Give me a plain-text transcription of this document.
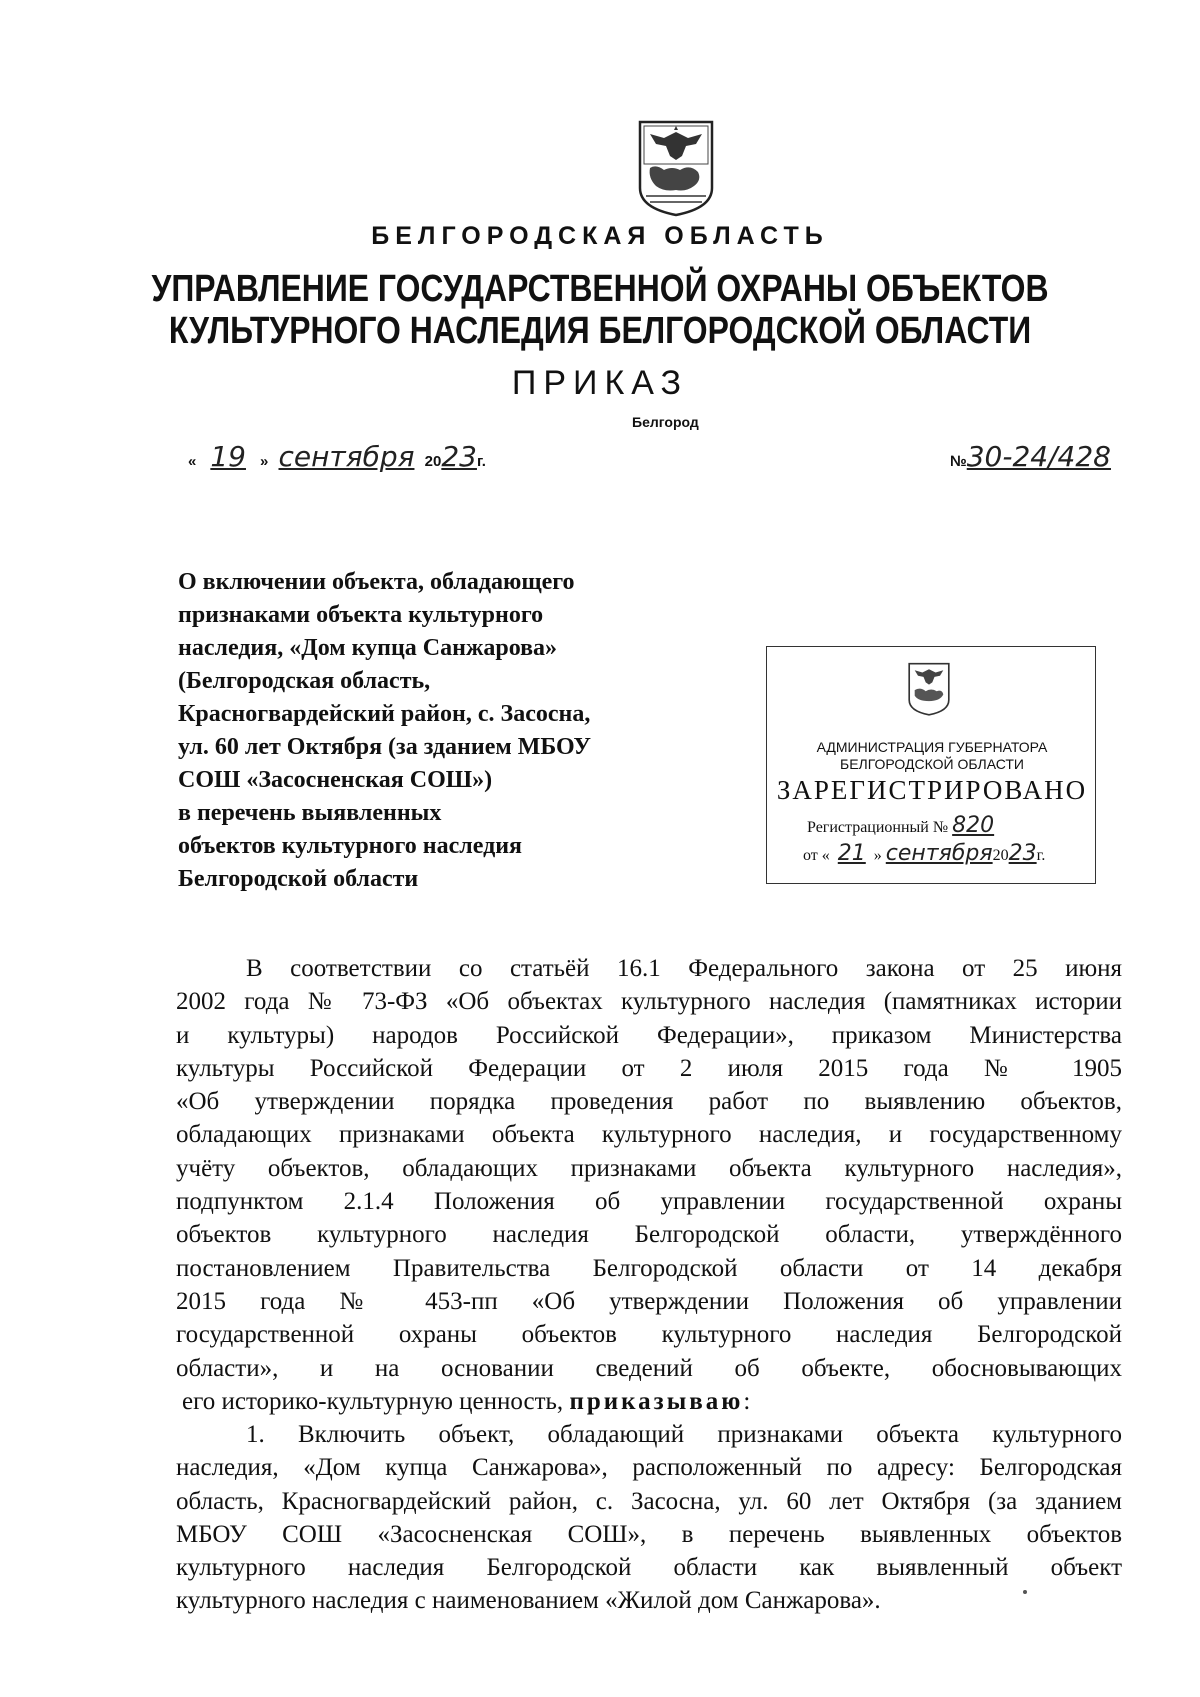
БЕЛГОРОДСКАЯ ОБЛАСТЬ
УПРАВЛЕНИЕ ГОСУДАРСТВЕННОЙ ОХРАНЫ ОБЪЕКТОВ
КУЛЬТУРНОГО НАСЛЕДИЯ БЕЛГОРОДСКОЙ ОБЛАСТИ
ПРИКАЗ
Белгород
« 19 » сентября 2023г.	№30-24/428
О включении объекта, обладающего
признаками объекта культурного
наследия, «Дом купца Санжарова»
(Белгородская область,
Красногвардейский район, с. Засосна,
ул. 60 лет Октября (за зданием МБОУ
СОШ «Засосненская СОШ»)
в перечень выявленных
объектов культурного наследия
Белгородской области
АДМИНИСТРАЦИЯ ГУБЕРНАТОРА
БЕЛГОРОДСКОЙ ОБЛАСТИ
ЗАРЕГИСТРИРОВАНО
Регистрационный № 820
от « 21 » сентября2023г.
В соответствии со статьёй 16.1 Федерального закона от 25 июня
2002 года № 73-ФЗ «Об объектах культурного наследия (памятниках истории
и культуры) народов Российской Федерации», приказом Министерства
культуры Российской Федерации от 2 июля 2015 года № 1905
«Об утверждении порядка проведения работ по выявлению объектов,
обладающих признаками объекта культурного наследия, и государственному
учёту объектов, обладающих признаками объекта культурного наследия»,
подпунктом 2.1.4 Положения об управлении государственной охраны
объектов культурного наследия Белгородской области, утверждённого
постановлением Правительства Белгородской области от 14 декабря
2015 года № 453-пп «Об утверждении Положения об управлении
государственной охраны объектов культурного наследия Белгородской
области», и на основании сведений об объекте, обосновывающих
его историко-культурную ценность, приказываю:
1. Включить объект, обладающий признаками объекта культурного
наследия, «Дом купца Санжарова», расположенный по адресу: Белгородская
область, Красногвардейский район, с. Засосна, ул. 60 лет Октября (за зданием
МБОУ СОШ «Засосненская СОШ», в перечень выявленных объектов
культурного наследия Белгородской области как выявленный объект
культурного наследия с наименованием «Жилой дом Санжарова».
